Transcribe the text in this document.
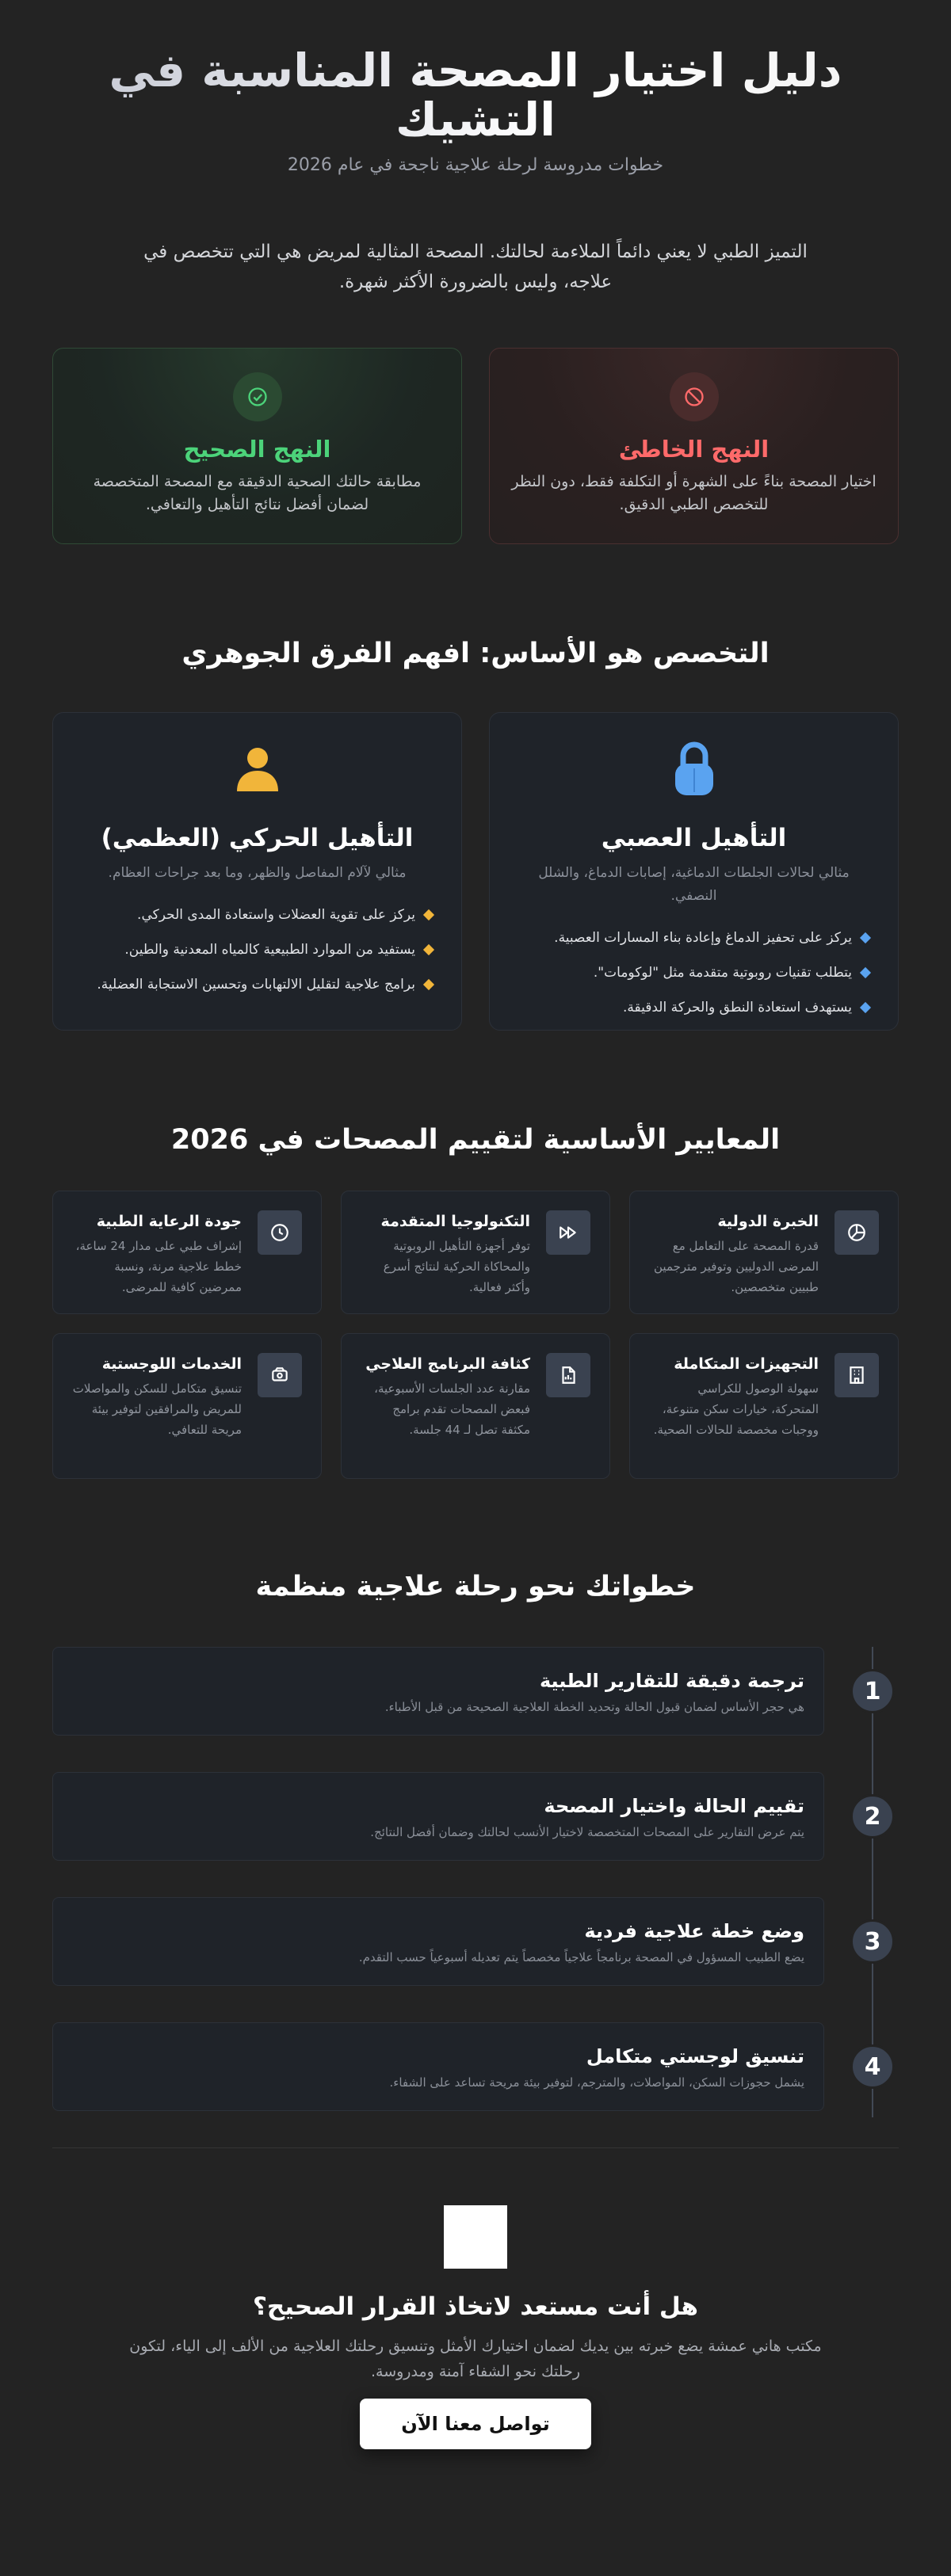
دليل اختيار المصحة المناسبة في التشيك
خطوات مدروسة لرحلة علاجية ناجحة في عام 2026

التميز الطبي لا يعني دائماً الملاءمة لحالتك. المصحة المثالية لمريض هي التي تتخصص في علاجه، وليس بالضرورة الأكثر شهرة.

النهج الخاطئ

اختيار المصحة بناءً على الشهرة أو التكلفة فقط، دون النظر للتخصص الطبي الدقيق.

النهج الصحيح

مطابقة حالتك الصحية الدقيقة مع المصحة المتخصصة لضمان أفضل نتائج التأهيل والتعافي.

التخصص هو الأساس: افهم الفرق الجوهري
التأهيل العصبي
مثالي لحالات الجلطات الدماغية، إصابات الدماغ، والشلل النصفي.
يركز على تحفيز الدماغ وإعادة بناء المسارات العصبية.
يتطلب تقنيات روبوتية متقدمة مثل "لوكومات".
يستهدف استعادة النطق والحركة الدقيقة.
التأهيل الحركي (العظمي)
مثالي لآلام المفاصل والظهر، وما بعد جراحات العظام.
يركز على تقوية العضلات واستعادة المدى الحركي.
يستفيد من الموارد الطبيعية كالمياه المعدنية والطين.
برامج علاجية لتقليل الالتهابات وتحسين الاستجابة العضلية.
المعايير الأساسية لتقييم المصحات في 2026
الخبرة الدولية

قدرة المصحة على التعامل مع المرضى الدوليين وتوفير مترجمين طبيين متخصصين.

التكنولوجيا المتقدمة

توفر أجهزة التأهيل الروبوتية والمحاكاة الحركية لنتائج أسرع وأكثر فعالية.

جودة الرعاية الطبية

إشراف طبي على مدار 24 ساعة، خطط علاجية مرنة، ونسبة ممرضين كافية للمرضى.

التجهيزات المتكاملة

سهولة الوصول للكراسي المتحركة، خيارات سكن متنوعة، ووجبات مخصصة للحالات الصحية.

كثافة البرنامج العلاجي

مقارنة عدد الجلسات الأسبوعية، فبعض المصحات تقدم برامج مكثفة تصل لـ 44 جلسة.

الخدمات اللوجستية

تنسيق متكامل للسكن والمواصلات للمريض والمرافقين لتوفير بيئة مريحة للتعافي.

خطواتك نحو رحلة علاجية منظمة
1
ترجمة دقيقة للتقارير الطبية

هي حجر الأساس لضمان قبول الحالة وتحديد الخطة العلاجية الصحيحة من قبل الأطباء.

2
تقييم الحالة واختيار المصحة

يتم عرض التقارير على المصحات المتخصصة لاختيار الأنسب لحالتك وضمان أفضل النتائج.

3
وضع خطة علاجية فردية

يضع الطبيب المسؤول في المصحة برنامجاً علاجياً مخصصاً يتم تعديله أسبوعياً حسب التقدم.

4
تنسيق لوجستي متكامل

يشمل حجوزات السكن، المواصلات، والمترجم، لتوفير بيئة مريحة تساعد على الشفاء.

هل أنت مستعد لاتخاذ القرار الصحيح؟

مكتب هاني عمشة يضع خبرته بين يديك لضمان اختيارك الأمثل وتنسيق رحلتك العلاجية من الألف إلى الياء، لتكون رحلتك نحو الشفاء آمنة ومدروسة.

تواصل معنا الآن
